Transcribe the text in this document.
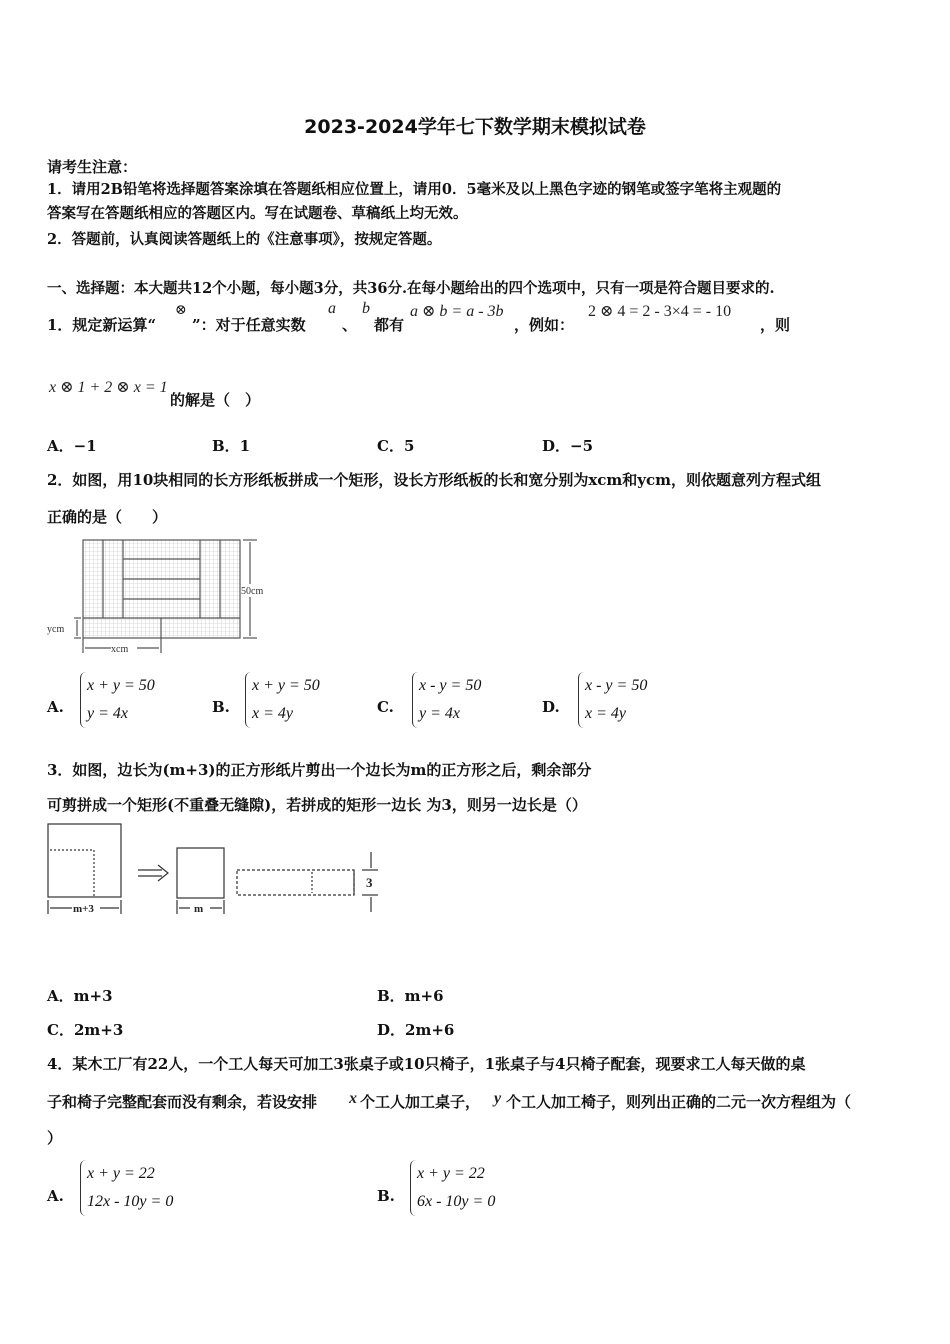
2023-2024学年七下数学期末模拟试卷
请考生注意：
1．请用2B铅笔将选择题答案涂填在答题纸相应位置上，请用0．5毫米及以上黑色字迹的钢笔或签字笔将主观题的
答案写在答题纸相应的答题区内。写在试题卷、草稿纸上均无效。
2．答题前，认真阅读答题纸上的《注意事项》，按规定答题。
一、选择题：本大题共12个小题，每小题3分，共36分.在每小题给出的四个选项中，只有一项是符合题目要求的.
1．规定新运算“
⊗
”：对于任意实数
a
、
b
都有
a ⊗ b = a - 3b
，例如：
2 ⊗ 4 = 2 - 3×4 = - 10
，则
x ⊗ 1 + 2 ⊗ x = 1
的解是（　）
A．−1	B．1	C．5	D．−5
2．如图，用10块相同的长方形纸板拼成一个矩形，设长方形纸板的长和宽分别为xcm和ycm，则依题意列方程式组
正确的是（　　）
50cm
ycm
xcm
A.
x + y = 50
y = 4x	B.
x + y = 50
x = 4y	C.
x - y = 50
y = 4x	D.
x - y = 50
x = 4y
3．如图，边长为(m+3)的正方形纸片剪出一个边长为m的正方形之后，剩余部分
可剪拼成一个矩形(不重叠无缝隙)，若拼成的矩形一边长 为3，则另一边长是（）
m+3	m
3
A．m+3	B．m+6
C．2m+3	D．2m+6
4．某木工厂有22人，一个工人每天可加工3张桌子或10只椅子，1张桌子与4只椅子配套，现要求工人每天做的桌
子和椅子完整配套而没有剩余，若设安排 x 个工人加工桌子， y 个工人加工椅子，则列出正确的二元一次方程组为（
）
A.
x + y = 22
12x - 10y = 0	B.
x + y = 22
6x - 10y = 0
